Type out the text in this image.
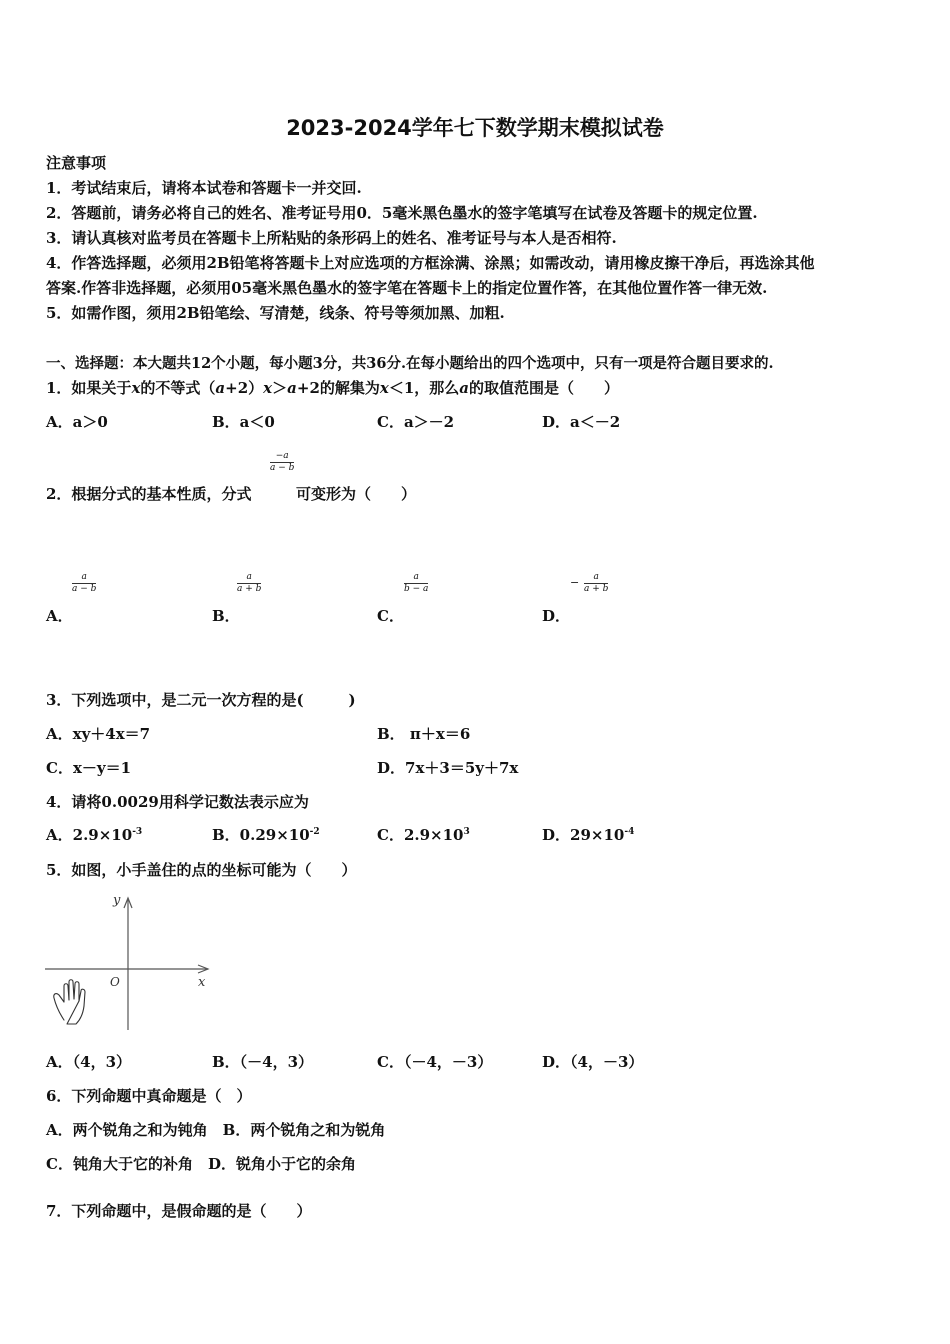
2023-2024学年七下数学期末模拟试卷
注意事项
1．考试结束后，请将本试卷和答题卡一并交回.
2．答题前，请务必将自己的姓名、准考证号用0．5毫米黑色墨水的签字笔填写在试卷及答题卡的规定位置.
3．请认真核对监考员在答题卡上所粘贴的条形码上的姓名、准考证号与本人是否相符.
4．作答选择题，必须用2B铅笔将答题卡上对应选项的方框涂满、涂黑；如需改动，请用橡皮擦干净后，再选涂其他
答案.作答非选择题，必须用05毫米黑色墨水的签字笔在答题卡上的指定位置作答，在其他位置作答一律无效.
5．如需作图，须用2B铅笔绘、写清楚，线条、符号等须加黑、加粗.
一、选择题：本大题共12个小题，每小题3分，共36分.在每小题给出的四个选项中，只有一项是符合题目要求的.
1．如果关于x的不等式（a+2）x＞a+2的解集为x＜1，那么a的取值范围是（　　）
A．a＞0	B．a＜0	C．a＞－2	D．a＜－2
$\frac{-a}{a - b}$
2．根据分式的基本性质，分式	可变形为（　　）
$\frac{a}{a - b}$
A．
$\frac{a}{a + b}$
B．
$\frac{a}{b - a}$
C．
− $\frac{a}{a + b}$
D．
3．下列选项中，是二元一次方程的是(　　　)
A．xy＋4x＝7	B． π＋x＝6
C．x－y＝1	D．7x＋3＝5y＋7x
4．请将0.0029用科学记数法表示应为
A．$2.9\times 10^{-3}$	B．$0.29\times 10^{-2}$	C．$2.9\times 10^3$	D．$29\times 10^{-4}$
5．如图，小手盖住的点的坐标可能为（　　）
y
x
O
A．（4，3）	B．（－4，3）	C．（－4，－3）	D．（4，－3）
6．下列命题中真命题是（　）
A．两个锐角之和为钝角　B．两个锐角之和为锐角
C．钝角大于它的补角　D．锐角小于它的余角
7．下列命题中，是假命题的是（　　）
